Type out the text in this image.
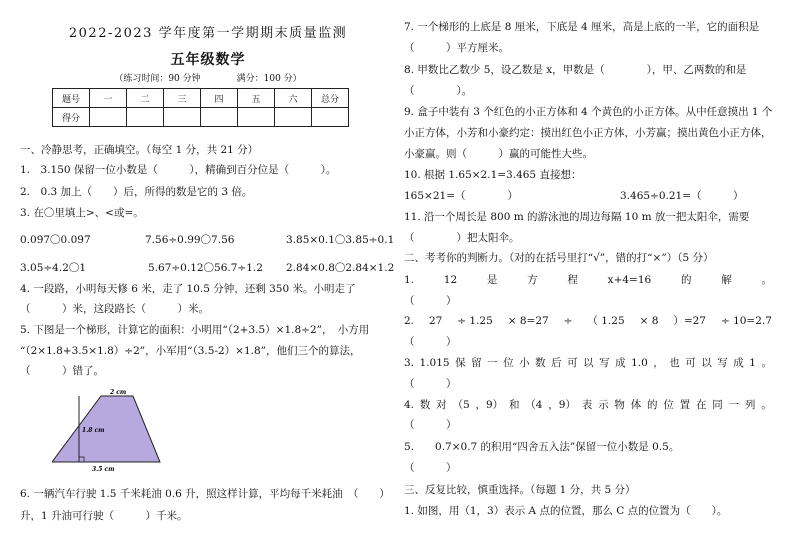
2022-2023 学年度第一学期期末质量监测
五年级数学
（练习时间：90 分钟　　　　满分：100 分）
题号	一	二	三	四	五	六	总分
得分							
一、冷静思考，正确填空。（每空 1 分，共 21 分）
1.　3.150 保留一位小数是（　　　），精确到百分位是（　　　）。
2.　0.3 加上（　　）后，所得的数是它的 3 倍。
3. 在〇里填上>、<或=。
0.09̇7̇〇0.09̇7̇	7.56÷0.99〇7.56	3.85×0.1〇3.85÷0.1
3.05÷4.2〇1	5.67÷0.12〇56.7÷1.2 2.84×0.8〇2.84×1.2
4. 一段路，小明每天修 6 米，走了 10.5 分钟，还剩 350 米。小明走了
（　　　）米，这段路长（　　　）米。
5. 下图是一个梯形，计算它的面积：小明用“（2+3.5）×1.8÷2”，　小方用
“（2×1.8+3.5×1.8）÷2”，小军用“（3.5-2）×1.8”，他们三个的算法，
（　　　）错了。
2 cm
1.8 cm
3.5 cm
6. 一辆汽车行驶 1.5 千米耗油 0.6 升，照这样计算，平均每千米耗油　（　　）
升，1 升油可行驶（　　　）千米。
7. 一个梯形的上底是 8 厘米，下底是 4 厘米，高是上底的一半，它的面积是
（　　　）平方厘米。
8. 甲数比乙数少 5，设乙数是 x，甲数是（　　　　），甲、乙两数的和是
（　　　　）。
9. 盒子中装有 3 个红色的小正方体和 4 个黄色的小正方体。从中任意摸出 1 个
小正方体，小芳和小豪约定：摸出红色小正方体，小芳赢；摸出黄色小正方体，
小豪赢。则（　　　）赢的可能性大些。
10. 根据 1.65×2.1=3.465 直接想：
165×21=（　　　　）	3.465÷0.21=（　　　）
11. 沿一个周长是 800 m 的游泳池的周边每隔 10 m 放一把太阳伞，需要
（　　　　）把太阳伞。
二、考考你的判断力。（对的在括号里打“√”，错的打“×”）（5 分）
1.	12	是	方	程	x+4=16	的	解	。
（　　　）
2. 27 ÷ 1.25 × 8=27 ÷ （ 1.25 × 8 ）=27 ÷ 10=2.7
（　　　）
3. 1.015 保 留 一 位 小 数 后 可 以 写 成 1.0 ， 也 可 以 写 成 1 。
（　　　）
4. 数 对 （5 ，9） 和 （4 ，9） 表 示 物 体 的 位 置 在 同 一 列 。
（　　　）
5.　　0.7×0.7 的积用“四舍五入法”保留一位小数是 0.5。
（　　　）
三、反复比较，慎重选择。（每题 1 分，共 5 分）
1. 如图，用（1，3）表示 A 点的位置，那么 C 点的位置为（　　）。
